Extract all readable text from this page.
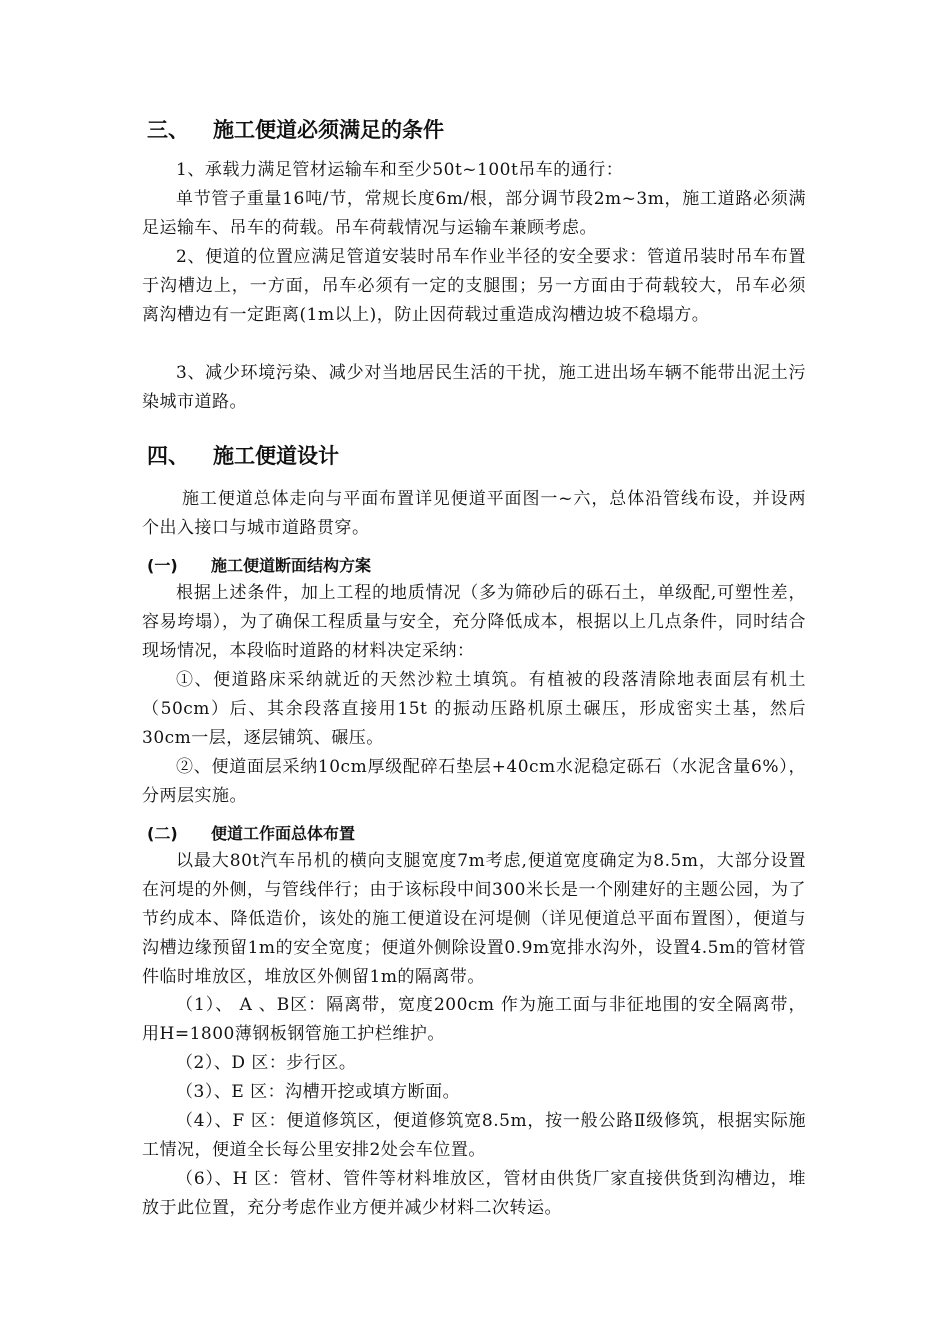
三、 施工便道必须满足的条件

1、承载力满足管材运输车和至少50t~100t吊车的通行：

单节管子重量16吨/节，常规长度6m/根，部分调节段2m~3m，施工道路必须满足运输车、吊车的荷载。吊车荷载情况与运输车兼顾考虑。

2、便道的位置应满足管道安装时吊车作业半径的安全要求：管道吊装时吊车布置于沟槽边上，一方面，吊车必须有一定的支腿围；另一方面由于荷载较大，吊车必须离沟槽边有一定距离(1m以上)，防止因荷载过重造成沟槽边坡不稳塌方。

3、减少环境污染、减少对当地居民生活的干扰，施工进出场车辆不能带出泥土污染城市道路。

四、 施工便道设计

施工便道总体走向与平面布置详见便道平面图一~六，总体沿管线布设，并设两个出入接口与城市道路贯穿。

(一) 施工便道断面结构方案

根据上述条件，加上工程的地质情况（多为筛砂后的砾石土，单级配,可塑性差，容易垮塌），为了确保工程质量与安全，充分降低成本，根据以上几点条件，同时结合现场情况，本段临时道路的材料决定采纳：

①、便道路床采纳就近的天然沙粒土填筑。有植被的段落清除地表面层有机土（50cm）后、其余段落直接用15t 的振动压路机原土碾压，形成密实土基，然后30cm一层，逐层铺筑、碾压。

②、便道面层采纳10cm厚级配碎石垫层+40cm水泥稳定砾石（水泥含量6%），分两层实施。

(二) 便道工作面总体布置

以最大80t汽车吊机的横向支腿宽度7m考虑,便道宽度确定为8.5m，大部分设置在河堤的外侧，与管线伴行；由于该标段中间300米长是一个刚建好的主题公园，为了节约成本、降低造价，该处的施工便道设在河堤侧（详见便道总平面布置图），便道与沟槽边缘预留1m的安全宽度；便道外侧除设置0.9m宽排水沟外，设置4.5m的管材管件临时堆放区，堆放区外侧留1m的隔离带。

（1）、 A 、B区：隔离带，宽度200cm 作为施工面与非征地围的安全隔离带，用H=1800薄钢板钢管施工护栏维护。

（2）、D 区：步行区。

（3）、E 区：沟槽开挖或填方断面。

（4）、F 区：便道修筑区，便道修筑宽8.5m，按一般公路Ⅱ级修筑，根据实际施工情况，便道全长每公里安排2处会车位置。

（6）、H 区：管材、管件等材料堆放区，管材由供货厂家直接供货到沟槽边，堆放于此位置，充分考虑作业方便并减少材料二次转运。
